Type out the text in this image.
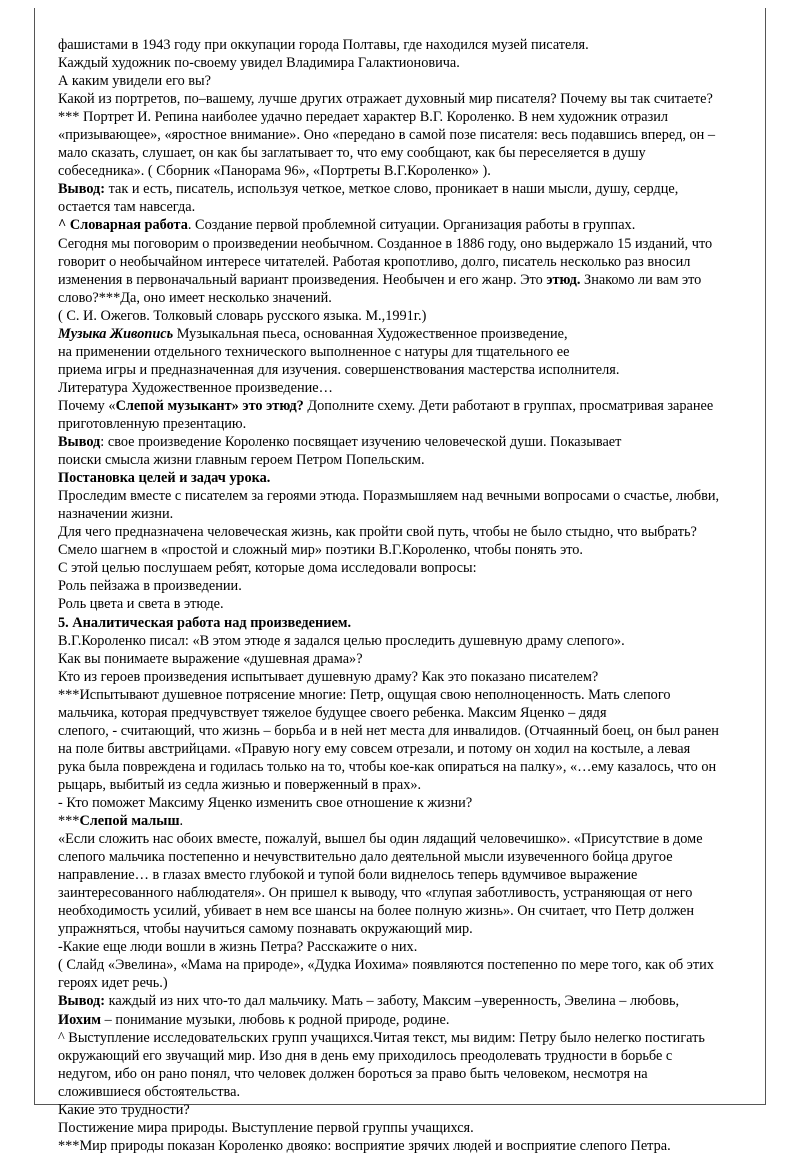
фашистами в 1943 году при оккупации города Полтавы, где находился музей писателя.
Каждый художник по-своему увидел Владимира Галактионовича.
А каким увидели его вы?
Какой из портретов, по–вашему, лучше других отражает духовный мир писателя? Почему вы так считаете?
*** Портрет И. Репина наиболее удачно передает характер В.Г. Короленко. В нем художник отразил
«призывающее», «яростное внимание». Оно «передано в самой позе писателя: весь подавшись вперед, он –
мало сказать, слушает, он как бы заглатывает то, что ему сообщают, как бы переселяется в душу
собеседника». ( Сборник «Панорама 96», «Портреты В.Г.Короленко» ).
Вывод: так и есть, писатель, используя четкое, меткое слово, проникает в наши мысли, душу, сердце,
остается там навсегда.
^ Словарная работа. Создание первой проблемной ситуации. Организация работы в группах.
Сегодня мы поговорим о произведении необычном. Созданное в 1886 году, оно выдержало 15 изданий, что
говорит о необычайном интересе читателей. Работая кропотливо, долго, писатель несколько раз вносил
изменения в первоначальный вариант произведения. Необычен и его жанр. Это этюд. Знакомо ли вам это
слово?***Да, оно имеет несколько значений.
( С. И. Ожегов. Толковый словарь русского языка. М.,1991г.)
Музыка Живопись Музыкальная пьеса, основанная Художественное произведение,
на применении отдельного технического выполненное с натуры для тщательного ее
приема игры и предназначенная для изучения. совершенствования мастерства исполнителя.
Литература Художественное произведение…
Почему «Слепой музыкант» это этюд? Дополните схему. Дети работают в группах, просматривая заранее
приготовленную презентацию.
Вывод: свое произведение Короленко посвящает изучению человеческой души. Показывает
поиски смысла жизни главным героем Петром Попельским.
Постановка целей и задач урока.
Проследим вместе с писателем за героями этюда. Поразмышляем над вечными вопросами о счастье, любви,
назначении жизни.
Для чего предназначена человеческая жизнь, как пройти свой путь, чтобы не было стыдно, что выбрать?
Смело шагнем в «простой и сложный мир» поэтики В.Г.Короленко, чтобы понять это.
С этой целью послушаем ребят, которые дома исследовали вопросы:
Роль пейзажа в произведении.
Роль цвета и света в этюде.
5. Аналитическая работа над произведением.
В.Г.Короленко писал: «В этом этюде я задался целью проследить душевную драму слепого».
Как вы понимаете выражение «душевная драма»?
Кто из героев произведения испытывает душевную драму? Как это показано писателем?
***Испытывают душевное потрясение многие: Петр, ощущая свою неполноценность. Мать слепого
мальчика, которая предчувствует тяжелое будущее своего ребенка. Максим Яценко – дядя
слепого, - считающий, что жизнь – борьба и в ней нет места для инвалидов. (Отчаянный боец, он был ранен
на поле битвы австрийцами. «Правую ногу ему совсем отрезали, и потому он ходил на костыле, а левая
рука была повреждена и годилась только на то, чтобы кое-как опираться на палку», «…ему казалось, что он
рыцарь, выбитый из седла жизнью и поверженный в прах».
- Кто поможет Максиму Яценко изменить свое отношение к жизни?
***Слепой малыш.
«Если сложить нас обоих вместе, пожалуй, вышел бы один лядащий человечишко». «Присутствие в доме
слепого мальчика постепенно и нечувствительно дало деятельной мысли изувеченного бойца другое
направление… в глазах вместо глубокой и тупой боли виднелось теперь вдумчивое выражение
заинтересованного наблюдателя». Он пришел к выводу, что «глупая заботливость, устраняющая от него
необходимость усилий, убивает в нем все шансы на более полную жизнь». Он считает, что Петр должен
упражняться, чтобы научиться самому познавать окружающий мир.
-Какие еще люди вошли в жизнь Петра? Расскажите о них.
( Слайд «Эвелина», «Мама на природе», «Дудка Иохима» появляются постепенно по мере того, как об этих
героях идет речь.)
Вывод: каждый из них что-то дал мальчику. Мать – заботу, Максим –уверенность, Эвелина – любовь,
Иохим – понимание музыки, любовь к родной природе, родине.
^ Выступление исследовательских групп учащихся.Читая текст, мы видим: Петру было нелегко постигать
окружающий его звучащий мир. Изо дня в день ему приходилось преодолевать трудности в борьбе с
недугом, ибо он рано понял, что человек должен бороться за право быть человеком, несмотря на
сложившиеся обстоятельства.
Какие это трудности?
Постижение мира природы. Выступление первой группы учащихся.
***Мир природы показан Короленко двояко: восприятие зрячих людей и восприятие слепого Петра.
